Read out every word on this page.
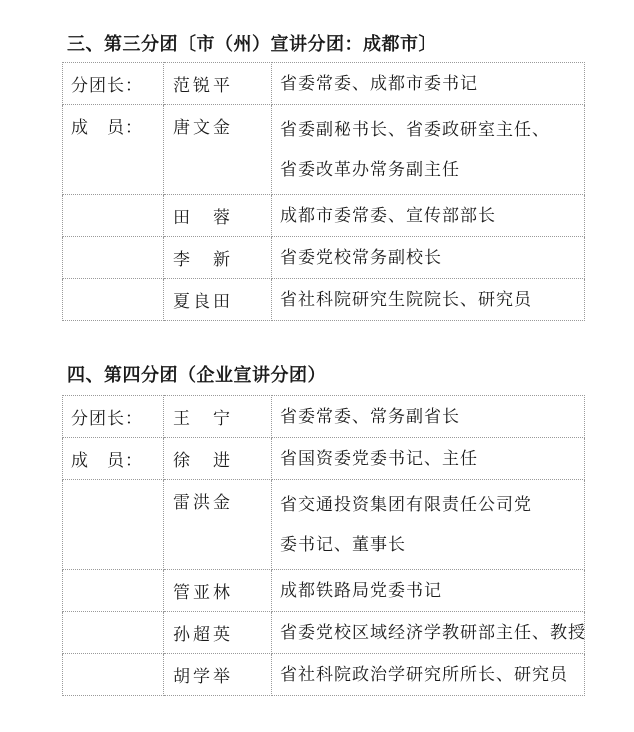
三、第三分团〔市（州）宣讲分团：成都市〕
分团长：	范锐平	省委常委、成都市委书记

成　员：	唐文金	省委副秘书长、省委政研室主任、
省委改革办常务副主任

	田　蓉	成都市委常委、宣传部部长

	李　新	省委党校常务副校长

	夏良田	省社科院研究生院院长、研究员
四、第四分团（企业宣讲分团）
分团长：	王　宁	省委常委、常务副省长

成　员：	徐　进	省国资委党委书记、主任

	雷洪金	省交通投资集团有限责任公司党
委书记、董事长

	管亚林	成都铁路局党委书记

	孙超英	省委党校区域经济学教研部主任、教授

	胡学举	省社科院政治学研究所所长、研究员
